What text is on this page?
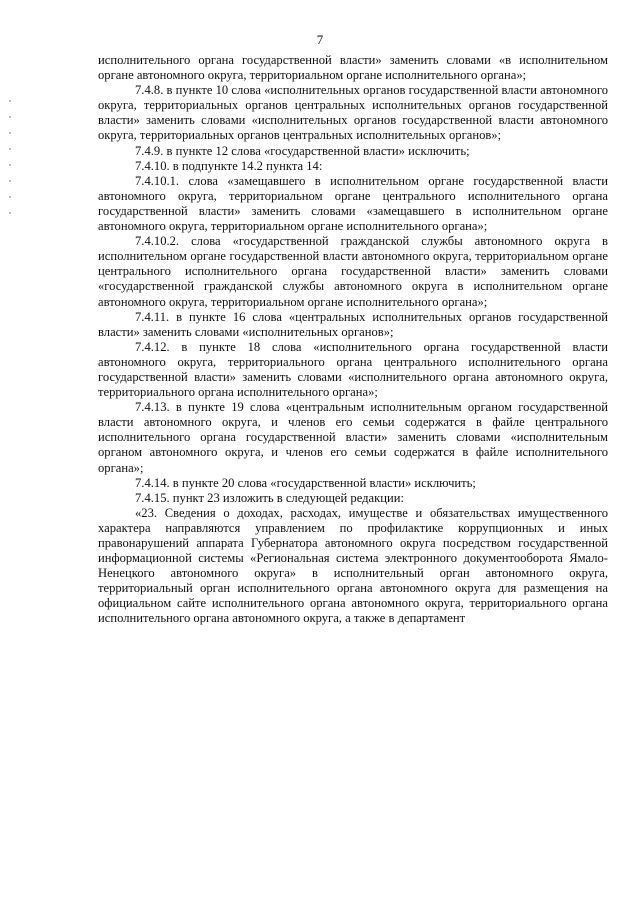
7

исполнительного органа государственной власти» заменить словами «в исполнительном органе автономного округа, территориальном органе исполнительного органа»;

7.4.8. в пункте 10 слова «исполнительных органов государственной власти автономного округа, территориальных органов центральных исполнительных органов государственной власти» заменить словами «исполнительных органов государственной власти автономного округа, территориальных органов центральных исполнительных органов»;

7.4.9. в пункте 12 слова «государственной власти» исключить;

7.4.10. в подпункте 14.2 пункта 14:

7.4.10.1. слова «замещавшего в исполнительном органе государственной власти автономного округа, территориальном органе центрального исполнительного органа государственной власти» заменить словами «замещавшего в исполнительном органе автономного округа, территориальном органе исполнительного органа»;

7.4.10.2. слова «государственной гражданской службы автономного округа в исполнительном органе государственной власти автономного округа, территориальном органе центрального исполнительного органа государственной власти» заменить словами «государственной гражданской службы автономного округа в исполнительном органе автономного округа, территориальном органе исполнительного органа»;

7.4.11. в пункте 16 слова «центральных исполнительных органов государственной власти» заменить словами «исполнительных органов»;

7.4.12. в пункте 18 слова «исполнительного органа государственной власти автономного округа, территориального органа центрального исполнительного органа государственной власти» заменить словами «исполнительного органа автономного округа, территориального органа исполнительного органа»;

7.4.13. в пункте 19 слова «центральным исполнительным органом государственной власти автономного округа, и членов его семьи содержатся в файле центрального исполнительного органа государственной власти» заменить словами «исполнительным органом автономного округа, и членов его семьи содержатся в файле исполнительного органа»;

7.4.14. в пункте 20 слова «государственной власти» исключить;

7.4.15. пункт 23 изложить в следующей редакции:

«23. Сведения о доходах, расходах, имуществе и обязательствах имущественного характера направляются управлением по профилактике коррупционных и иных правонарушений аппарата Губернатора автономного округа посредством государственной информационной системы «Региональная система электронного документооборота Ямало-Ненецкого автономного округа» в исполнительный орган автономного округа, территориальный орган исполнительного органа автономного округа для размещения на официальном сайте исполнительного органа автономного округа, территориального органа исполнительного органа автономного округа, а также в департамент
